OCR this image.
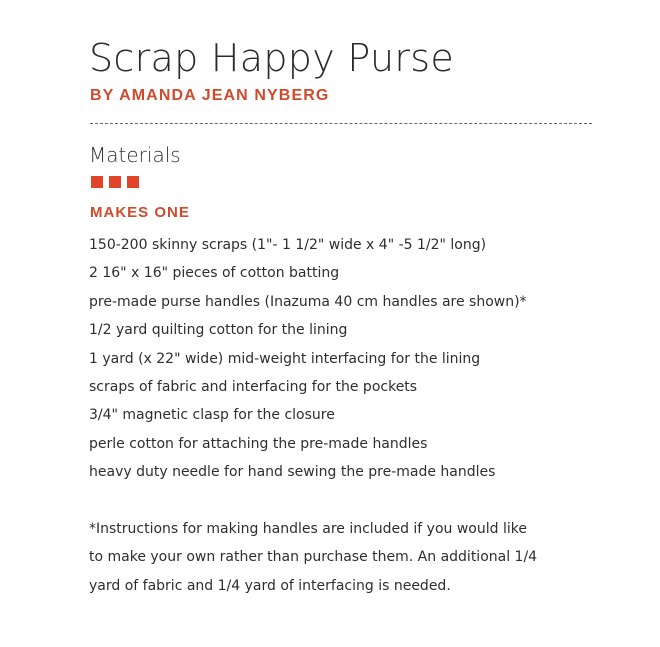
Scrap Happy Purse
BY AMANDA JEAN NYBERG
Materials
MAKES ONE
150-200 skinny scraps (1"- 1 1/2" wide x 4" -5 1/2" long)
2 16" x 16" pieces of cotton batting
pre-made purse handles (Inazuma 40 cm handles are shown)*
1/2 yard quilting cotton for the lining
1 yard (x 22" wide) mid-weight interfacing for the lining
scraps of fabric and interfacing for the pockets
3/4" magnetic clasp for the closure
perle cotton for attaching the pre-made handles
heavy duty needle for hand sewing the pre-made handles

*Instructions for making handles are included if you would like

to make your own rather than purchase them. An additional 1/4

yard of fabric and 1/4 yard of interfacing is needed.
